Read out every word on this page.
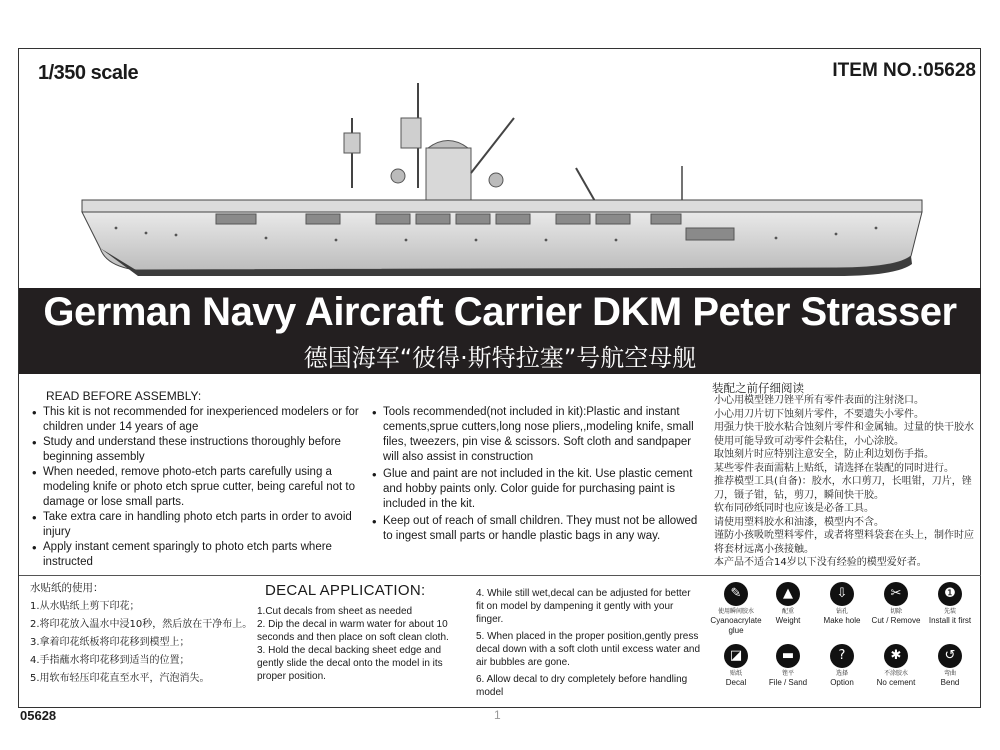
1/350 scale	ITEM NO.:05628
German Navy Aircraft Carrier DKM Peter Strasser
德国海军“彼得·斯特拉塞”号航空母舰
READ BEFORE ASSEMBLY:
• This kit is not recommended for inexperienced modelers or for children under 14 years of age
• Study and understand these instructions thoroughly before beginning assembly
• When needed, remove photo-etch parts carefully using a modeling knife or photo etch sprue cutter, being careful not to damage or lose small parts.
• Take extra care in handling photo etch parts in order to avoid injury
• Apply instant cement sparingly to photo etch parts where instructed
• Tools recommended(not included in kit):Plastic and instant cements,sprue cutters,long nose pliers,,modeling knife, small files, tweezers, pin vise & scissors. Soft cloth and sandpaper will also assist in construction
• Glue and paint are not included in the kit. Use plastic cement and hobby paints only. Color guide for purchasing paint is included in the kit.
• Keep out of reach of small children. They must not be allowed to ingest small parts or handle plastic bags in any way.
装配之前仔细阅读
小心用模型锉刀锉平所有零件表面的注射浇口。
小心用刀片切下蚀刻片零件，不要遗失小零件。
用强力快干胶水粘合蚀刻片零件和金属轴。过量的快干胶水使用可能导致可动零件会粘住，小心涂胶。
取蚀刻片时应特别注意安全，防止利边划伤手指。
某些零件表面需粘上贴纸，请选择在装配的同时进行。
推荐模型工具(自备)：胶水，水口剪刀，长咀钳，刀片，锉刀，镊子钳，钻，剪刀，瞬间快干胶。
软布同砂纸同时也应该是必备工具。
请使用塑料胶水和油漆，模型内不含。
谨防小孩吸吮塑料零件，或者将塑料袋套在头上，制作时应将套材远离小孩接触。
本产品不适合14岁以下没有经验的模型爱好者。
水贴纸的使用：
1.从水贴纸上剪下印花；
2.将印花放入温水中浸10秒，然后放在干净布上。
3.拿着印花纸板将印花移到模型上；
4.手指蘸水将印花移到适当的位置；
5.用软布轻压印花直至水平，汽泡消失。
DECAL APPLICATION:
1.Cut decals from sheet as needed
2. Dip the decal in warm water for about 10 seconds and then place on soft clean cloth.
3. Hold the decal backing sheet edge and gently slide the decal onto the model in its proper position.
4. While still wet,decal can be adjusted for better fit on model by dampening it gently with your finger.
5. When placed in the proper position,gently press decal down with a soft cloth until excess water and air bubbles are gone.
6. Allow decal to dry completely before handling model
✎
使用瞬间胶水
Cyanoacrylate glue
▲
配重
Weight
⇩
钻孔
Make hole
✂
切除
Cut / Remove
❶
先装
Install it first
◪
贴纸
Decal
▬
锉平
File / Sand
?
选择
Option
✱
不涂胶水
No cement
↺
弯曲
Bend
05628	1
